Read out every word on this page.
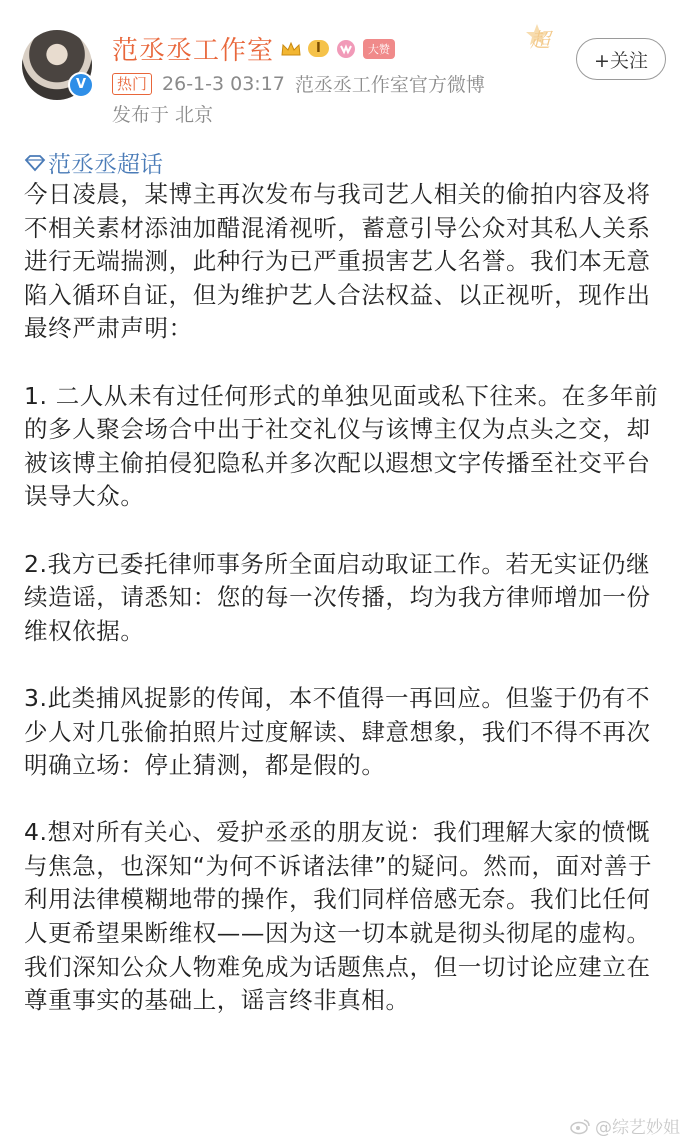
V
范丞丞工作室	I	大赞
热门 26-1-3 03:17 范丞丞工作室官方微博
发布于 北京
超
+关注
范丞丞超话

今日凌晨，某博主再次发布与我司艺人相关的偷拍内容及将不相关素材添油加醋混淆视听，蓄意引导公众对其私人关系进行无端揣测，此种行为已严重损害艺人名誉。我们本无意陷入循环自证，但为维护艺人合法权益、以正视听，现作出最终严肃声明：

1. 二人从未有过任何形式的单独见面或私下往来。在多年前的多人聚会场合中出于社交礼仪与该博主仅为点头之交，却被该博主偷拍侵犯隐私并多次配以遐想文字传播至社交平台误导大众。

2.我方已委托律师事务所全面启动取证工作。若无实证仍继续造谣，请悉知：您的每一次传播，均为我方律师增加一份维权依据。

3.此类捕风捉影的传闻，本不值得一再回应。但鉴于仍有不少人对几张偷拍照片过度解读、肆意想象，我们不得不再次明确立场：停止猜测，都是假的。

4.想对所有关心、爱护丞丞的朋友说：我们理解大家的愤慨与焦急，也深知“为何不诉诸法律”的疑问。然而，面对善于利用法律模糊地带的操作，我们同样倍感无奈。我们比任何人更希望果断维权——因为这一切本就是彻头彻尾的虚构。我们深知公众人物难免成为话题焦点，但一切讨论应建立在尊重事实的基础上，谣言终非真相。

@综艺妙姐
